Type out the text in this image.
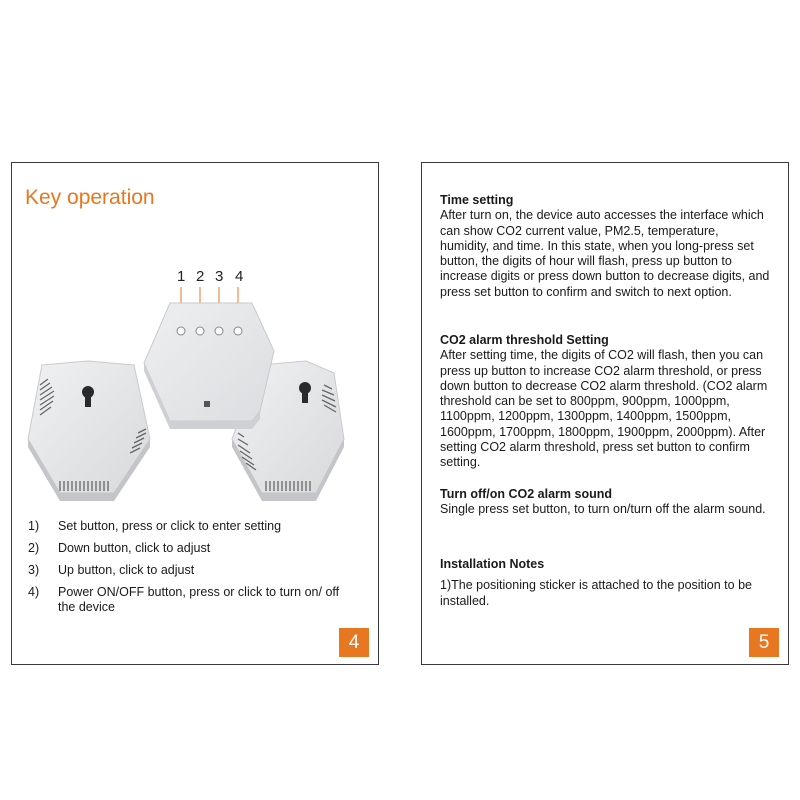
Key operation
1 2 3 4
1)	Set button, press or click to enter setting
2)	Down button, click to adjust
3)	Up button, click to adjust
4)	Power ON/OFF button, press or click to turn on/ off the device
4
Time setting

After turn on, the device auto accesses the interface which can show CO2 current value, PM2.5, temperature, humidity, and time. In this state, when you long-press set button, the digits of hour will flash, press up button to increase digits or press down button to decrease digits, and press set button to confirm and switch to next option.

CO2 alarm threshold Setting

After setting time, the digits of CO2 will flash, then you can press up button to increase CO2 alarm threshold, or press down button to decrease CO2 alarm threshold. (CO2 alarm threshold can be set to 800ppm, 900ppm, 1000ppm, 1100ppm, 1200ppm, 1300ppm, 1400ppm, 1500ppm, 1600ppm, 1700ppm, 1800ppm, 1900ppm, 2000ppm). After setting CO2 alarm threshold, press set button to confirm setting.

Turn off/on CO2 alarm sound

Single press set button, to turn on/turn off the alarm sound.

Installation Notes

1)The positioning sticker is attached to the position to be installed.

5
